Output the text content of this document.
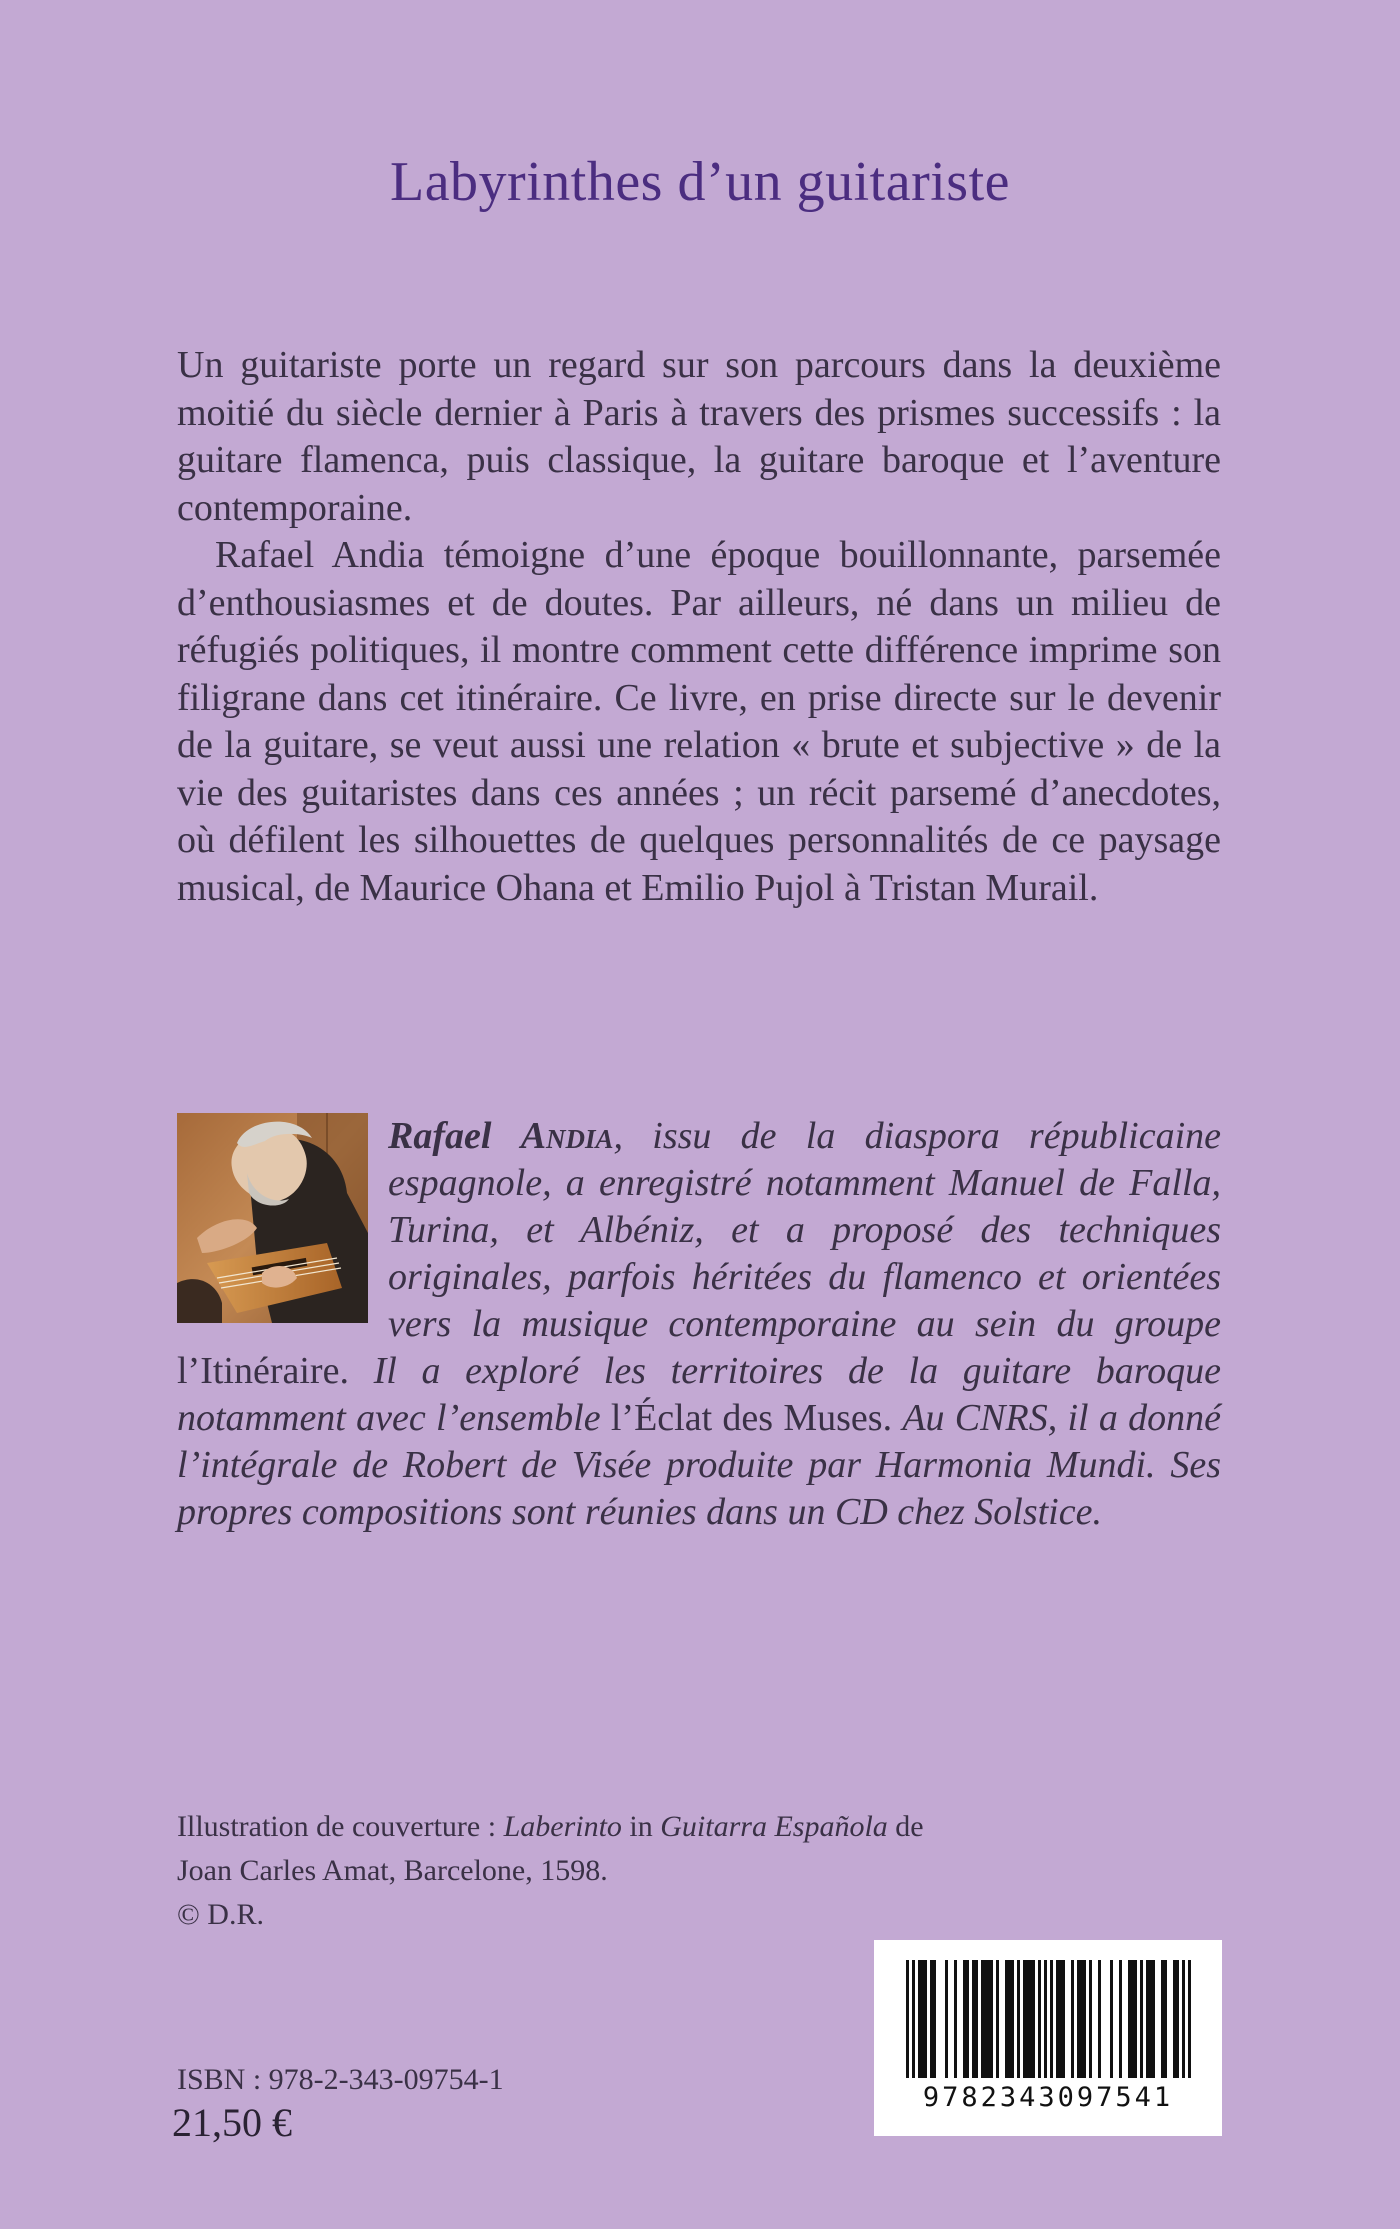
Labyrinthes d’un guitariste

Un guitariste porte un regard sur son parcours dans la deuxième moitié du siècle dernier à Paris à travers des prismes successifs : la guitare flamenca, puis classique, la guitare baroque et l’aventure contemporaine.

Rafael Andia témoigne d’une époque bouillonnante, parsemée d’enthousiasmes et de doutes. Par ailleurs, né dans un milieu de réfugiés politiques, il montre comment cette différence imprime son filigrane dans cet itinéraire. Ce livre, en prise directe sur le devenir de la guitare, se veut aussi une relation « brute et subjective » de la vie des guitaristes dans ces années ; un récit parsemé d’anecdotes, où défilent les silhouettes de quelques personnalités de ce paysage musical, de Maurice Ohana et Emilio Pujol à Tristan Murail.

Rafael Andia, issu de la diaspora républicaine espagnole, a enregistré notamment Manuel de Falla, Turina, et Albéniz, et a proposé des techniques originales, parfois héritées du flamenco et orientées vers la musique contemporaine au sein du groupe l’Itinéraire. Il a exploré les territoires de la guitare baroque notamment avec l’ensemble l’Éclat des Muses. Au CNRS, il a donné l’intégrale de Robert de Visée produite par Harmonia Mundi. Ses propres compositions sont réunies dans un CD chez Solstice.
Illustration de couverture : Laberinto in Guitarra Española de Joan Carles Amat, Barcelone, 1598.
© D.R.
ISBN : 978-2-343-09754-1
21,50 €
9782343097541
